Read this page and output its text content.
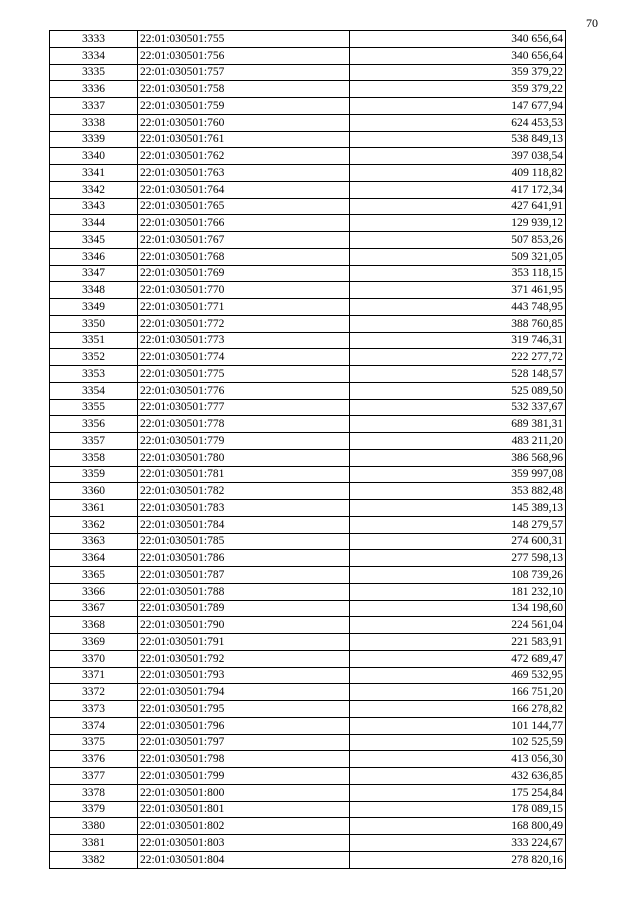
70
3333	22:01:030501:755	340 656,64
3334	22:01:030501:756	340 656,64
3335	22:01:030501:757	359 379,22
3336	22:01:030501:758	359 379,22
3337	22:01:030501:759	147 677,94
3338	22:01:030501:760	624 453,53
3339	22:01:030501:761	538 849,13
3340	22:01:030501:762	397 038,54
3341	22:01:030501:763	409 118,82
3342	22:01:030501:764	417 172,34
3343	22:01:030501:765	427 641,91
3344	22:01:030501:766	129 939,12
3345	22:01:030501:767	507 853,26
3346	22:01:030501:768	509 321,05
3347	22:01:030501:769	353 118,15
3348	22:01:030501:770	371 461,95
3349	22:01:030501:771	443 748,95
3350	22:01:030501:772	388 760,85
3351	22:01:030501:773	319 746,31
3352	22:01:030501:774	222 277,72
3353	22:01:030501:775	528 148,57
3354	22:01:030501:776	525 089,50
3355	22:01:030501:777	532 337,67
3356	22:01:030501:778	689 381,31
3357	22:01:030501:779	483 211,20
3358	22:01:030501:780	386 568,96
3359	22:01:030501:781	359 997,08
3360	22:01:030501:782	353 882,48
3361	22:01:030501:783	145 389,13
3362	22:01:030501:784	148 279,57
3363	22:01:030501:785	274 600,31
3364	22:01:030501:786	277 598,13
3365	22:01:030501:787	108 739,26
3366	22:01:030501:788	181 232,10
3367	22:01:030501:789	134 198,60
3368	22:01:030501:790	224 561,04
3369	22:01:030501:791	221 583,91
3370	22:01:030501:792	472 689,47
3371	22:01:030501:793	469 532,95
3372	22:01:030501:794	166 751,20
3373	22:01:030501:795	166 278,82
3374	22:01:030501:796	101 144,77
3375	22:01:030501:797	102 525,59
3376	22:01:030501:798	413 056,30
3377	22:01:030501:799	432 636,85
3378	22:01:030501:800	175 254,84
3379	22:01:030501:801	178 089,15
3380	22:01:030501:802	168 800,49
3381	22:01:030501:803	333 224,67
3382	22:01:030501:804	278 820,16
